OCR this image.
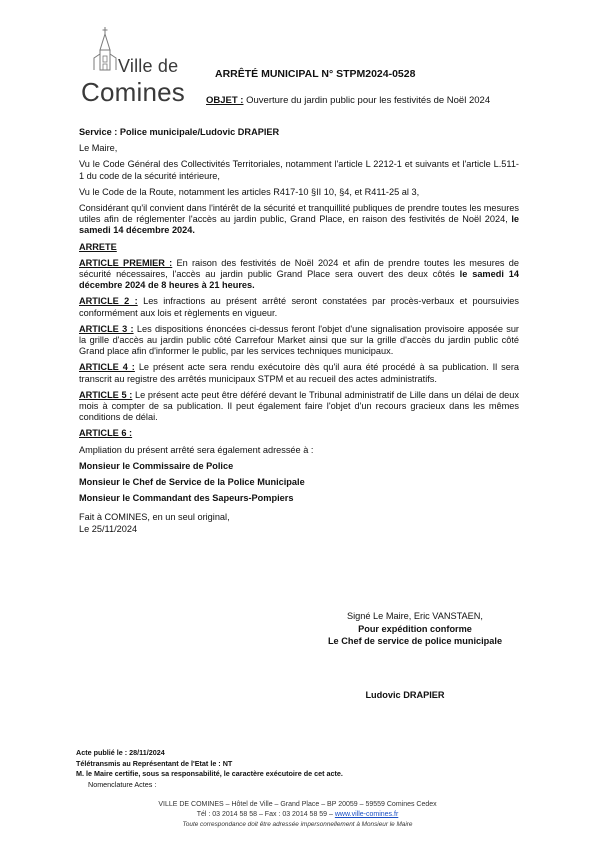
Ville de
Comines
ARRÊTÉ MUNICIPAL N° STPM2024-0528
OBJET : Ouverture du jardin public pour les festivités de Noël 2024

Service : Police municipale/Ludovic DRAPIER

Le Maire,

Vu le Code Général des Collectivités Territoriales, notamment l'article L 2212-1 et suivants et l'article L.511-1 du code de la sécurité intérieure,

Vu le Code de la Route, notamment les articles R417-10 §II 10, §4, et R411-25 al 3,

Considérant qu'il convient dans l'intérêt de la sécurité et tranquillité publiques de prendre toutes les mesures utiles afin de réglementer l'accès au jardin public, Grand Place, en raison des festivités de Noël 2024, le samedi 14 décembre 2024.

ARRETE

ARTICLE PREMIER : En raison des festivités de Noël 2024 et afin de prendre toutes les mesures de sécurité nécessaires, l'accès au jardin public Grand Place sera ouvert des deux côtés le samedi 14 décembre 2024 de 8 heures à 21 heures.

ARTICLE 2 : Les infractions au présent arrêté seront constatées par procès-verbaux et poursuivies conformément aux lois et règlements en vigueur.

ARTICLE 3 : Les dispositions énoncées ci-dessus feront l'objet d'une signalisation provisoire apposée sur la grille d'accès au jardin public côté Carrefour Market ainsi que sur la grille d'accès du jardin public côté Grand place afin d'informer le public, par les services techniques municipaux.

ARTICLE 4 : Le présent acte sera rendu exécutoire dès qu'il aura été procédé à sa publication. Il sera transcrit au registre des arrêtés municipaux STPM et au recueil des actes administratifs.

ARTICLE 5 : Le présent acte peut être déféré devant le Tribunal administratif de Lille dans un délai de deux mois à compter de sa publication. Il peut également faire l'objet d'un recours gracieux dans les mêmes conditions de délai.

ARTICLE 6 :

Ampliation du présent arrêté sera également adressée à :

Monsieur le Commissaire de Police

Monsieur le Chef de Service de la Police Municipale

Monsieur le Commandant des Sapeurs-Pompiers

Fait à COMINES, en un seul original,

Le 25/11/2024

Signé Le Maire, Eric VANSTAEN,
Pour expédition conforme
Le Chef de service de police municipale
Ludovic DRAPIER
Acte publié le : 28/11/2024
Télétransmis au Représentant de l'Etat le : NT
M. le Maire certifie, sous sa responsabilité, le caractère exécutoire de cet acte.
Nomenclature Actes :
VILLE DE COMINES – Hôtel de Ville – Grand Place – BP 20059 – 59559 Comines Cedex
Tél : 03 2014 58 58 – Fax : 03 2014 58 59 – www.ville-comines.fr
Toute correspondance doit être adressée impersonnellement à Monsieur le Maire
